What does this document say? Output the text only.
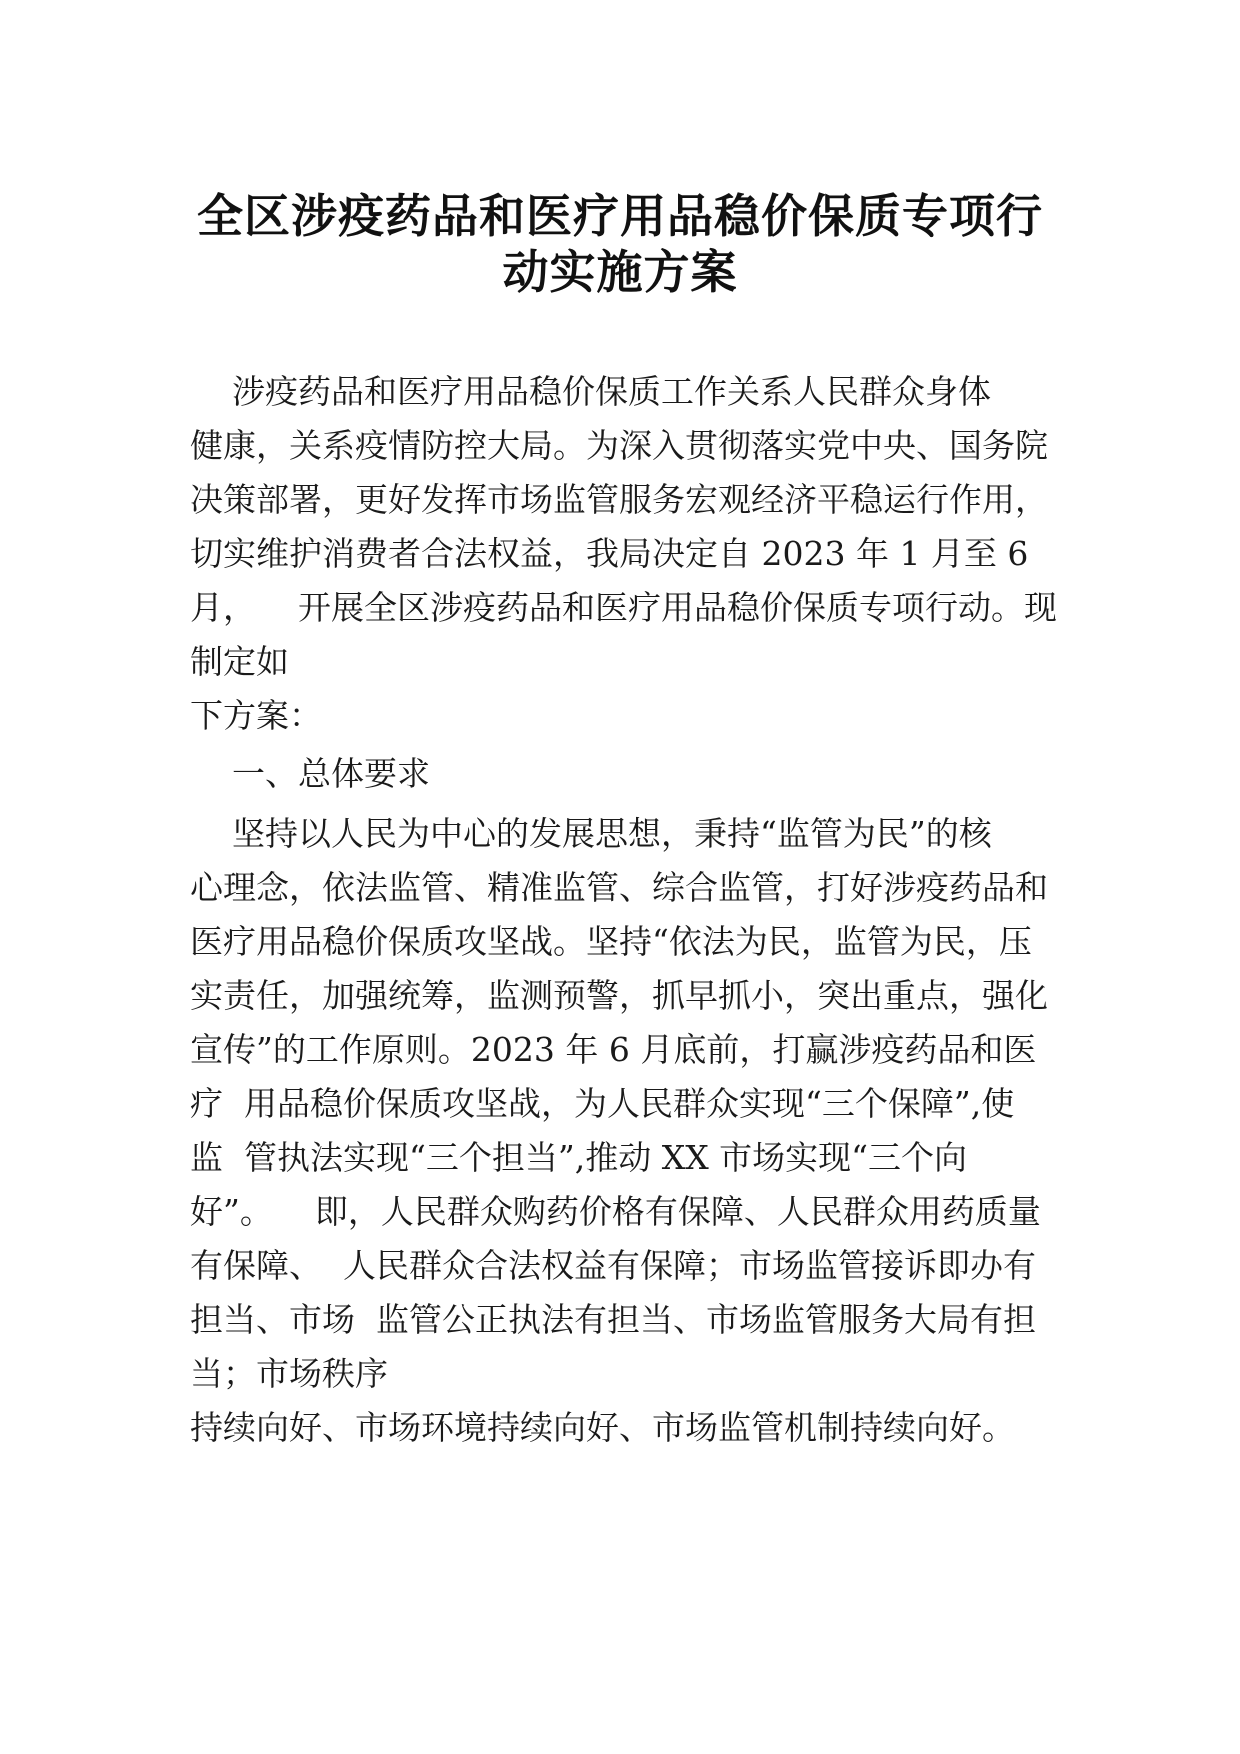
全区涉疫药品和医疗用品稳价保质专项行
动实施方案
涉疫药品和医疗用品稳价保质工作关系人民群众身体
健康，关系疫情防控大局。为深入贯彻落实党中央、国务院
决策部署，更好发挥市场监管服务宏观经济平稳运行作用，
切实维护消费者合法权益，我局决定自 2023 年 1 月至 6
月，    开展全区涉疫药品和医疗用品稳价保质专项行动。现
制定如
下方案：
一、总体要求
坚持以人民为中心的发展思想，秉持“监管为民”的核
心理念，依法监管、精准监管、综合监管，打好涉疫药品和
医疗用品稳价保质攻坚战。坚持“依法为民，监管为民，压
实责任，加强统筹，监测预警，抓早抓小，突出重点，强化
宣传”的工作原则。2023 年 6 月底前，打赢涉疫药品和医
疗  用品稳价保质攻坚战，为人民群众实现“三个保障”,使
监  管执法实现“三个担当”,推动 XX 市场实现“三个向
好”。    即，人民群众购药价格有保障、人民群众用药质量
有保障、  人民群众合法权益有保障；市场监管接诉即办有
担当、市场  监管公正执法有担当、市场监管服务大局有担
当；市场秩序
持续向好、市场环境持续向好、市场监管机制持续向好。
